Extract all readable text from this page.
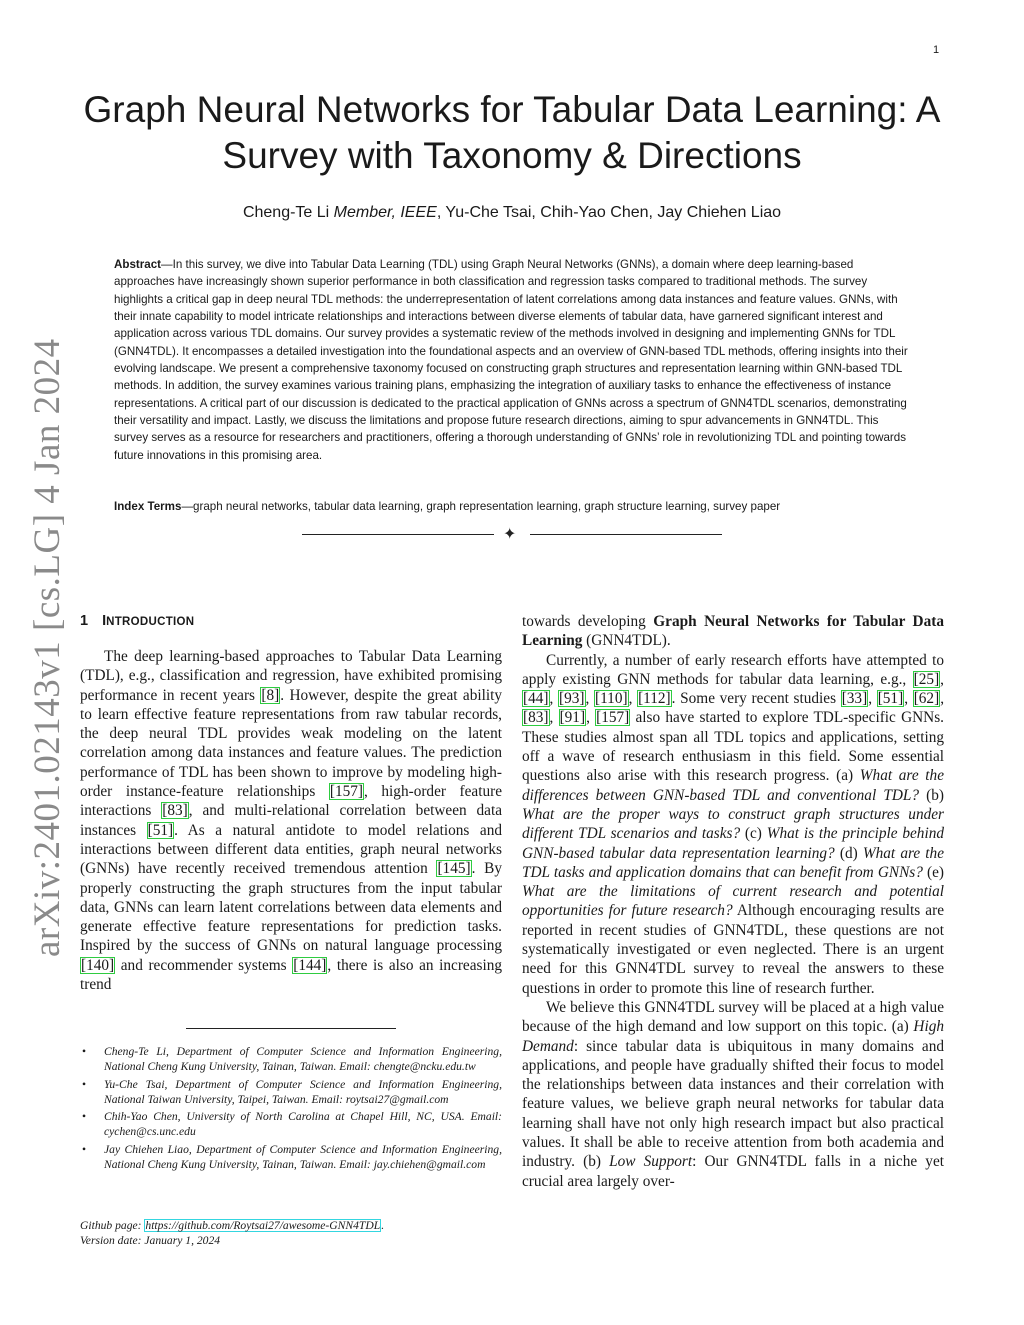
1
arXiv:2401.02143v1 [cs.LG] 4 Jan 2024
Graph Neural Networks for Tabular Data Learning: A Survey with Taxonomy & Directions
Cheng-Te Li Member, IEEE, Yu-Che Tsai, Chih-Yao Chen, Jay Chiehen Liao

Abstract—In this survey, we dive into Tabular Data Learning (TDL) using Graph Neural Networks (GNNs), a domain where deep learning-based approaches have increasingly shown superior performance in both classification and regression tasks compared to traditional methods. The survey highlights a critical gap in deep neural TDL methods: the underrepresentation of latent correlations among data instances and feature values. GNNs, with their innate capability to model intricate relationships and interactions between diverse elements of tabular data, have garnered significant interest and application across various TDL domains. Our survey provides a systematic review of the methods involved in designing and implementing GNNs for TDL (GNN4TDL). It encompasses a detailed investigation into the foundational aspects and an overview of GNN-based TDL methods, offering insights into their evolving landscape. We present a comprehensive taxonomy focused on constructing graph structures and representation learning within GNN-based TDL methods. In addition, the survey examines various training plans, emphasizing the integration of auxiliary tasks to enhance the effectiveness of instance representations. A critical part of our discussion is dedicated to the practical application of GNNs across a spectrum of GNN4TDL scenarios, demonstrating their versatility and impact. Lastly, we discuss the limitations and propose future research directions, aiming to spur advancements in GNN4TDL. This survey serves as a resource for researchers and practitioners, offering a thorough understanding of GNNs’ role in revolutionizing TDL and pointing towards future innovations in this promising area.

Index Terms—graph neural networks, tabular data learning, graph representation learning, graph structure learning, survey paper

✦
1 INTRODUCTION

The deep learning-based approaches to Tabular Data Learning (TDL), e.g., classification and regression, have exhibited promising performance in recent years [8]. However, despite the great ability to learn effective feature representations from raw tabular records, the deep neural TDL provides weak modeling on the latent correlation among data instances and feature values. The prediction performance of TDL has been shown to improve by modeling high-order instance-feature relationships [157], high-order feature interactions [83], and multi-relational correlation between data instances [51]. As a natural antidote to model relations and interactions between different data entities, graph neural networks (GNNs) have recently received tremendous attention [145]. By properly constructing the graph structures from the input tabular data, GNNs can learn latent correlations between data elements and generate effective feature representations for prediction tasks. Inspired by the success of GNNs on natural language processing [140] and recommender systems [144], there is also an increasing trend

towards developing Graph Neural Networks for Tabular Data Learning (GNN4TDL).

Currently, a number of early research efforts have attempted to apply existing GNN methods for tabular data learning, e.g., [25], [44], [93], [110], [112]. Some very recent studies [33], [51], [62], [83], [91], [157] also have started to explore TDL-specific GNNs. These studies almost span all TDL topics and applications, setting off a wave of research enthusiasm in this field. Some essential questions also arise with this research progress. (a) What are the differences between GNN-based TDL and conventional TDL? (b) What are the proper ways to construct graph structures under different TDL scenarios and tasks? (c) What is the principle behind GNN-based tabular data representation learning? (d) What are the TDL tasks and application domains that can benefit from GNNs? (e) What are the limitations of current research and potential opportunities for future research? Although encouraging results are reported in recent studies of GNN4TDL, these questions are not systematically investigated or even neglected. There is an urgent need for this GNN4TDL survey to reveal the answers to these questions in order to promote this line of research further.

We believe this GNN4TDL survey will be placed at a high value because of the high demand and low support on this topic. (a) High Demand: since tabular data is ubiquitous in many domains and applications, and people have gradually shifted their focus to model the relationships between data instances and their correlation with feature values, we believe graph neural networks for tabular data learning shall have not only high research impact but also practical values. It shall be able to receive attention from both academia and industry. (b) Low Support: Our GNN4TDL falls in a niche yet crucial area largely over-

• Cheng-Te Li, Department of Computer Science and Information Engineering, National Cheng Kung University, Tainan, Taiwan. Email: chengte@ncku.edu.tw
• Yu-Che Tsai, Department of Computer Science and Information Engineering, National Taiwan University, Taipei, Taiwan. Email: roytsai27@gmail.com
• Chih-Yao Chen, University of North Carolina at Chapel Hill, NC, USA. Email: cychen@cs.unc.edu
• Jay Chiehen Liao, Department of Computer Science and Information Engineering, National Cheng Kung University, Tainan, Taiwan. Email: jay.chiehen@gmail.com
Github page: https://github.com/Roytsai27/awesome-GNN4TDL.
Version date: January 1, 2024
